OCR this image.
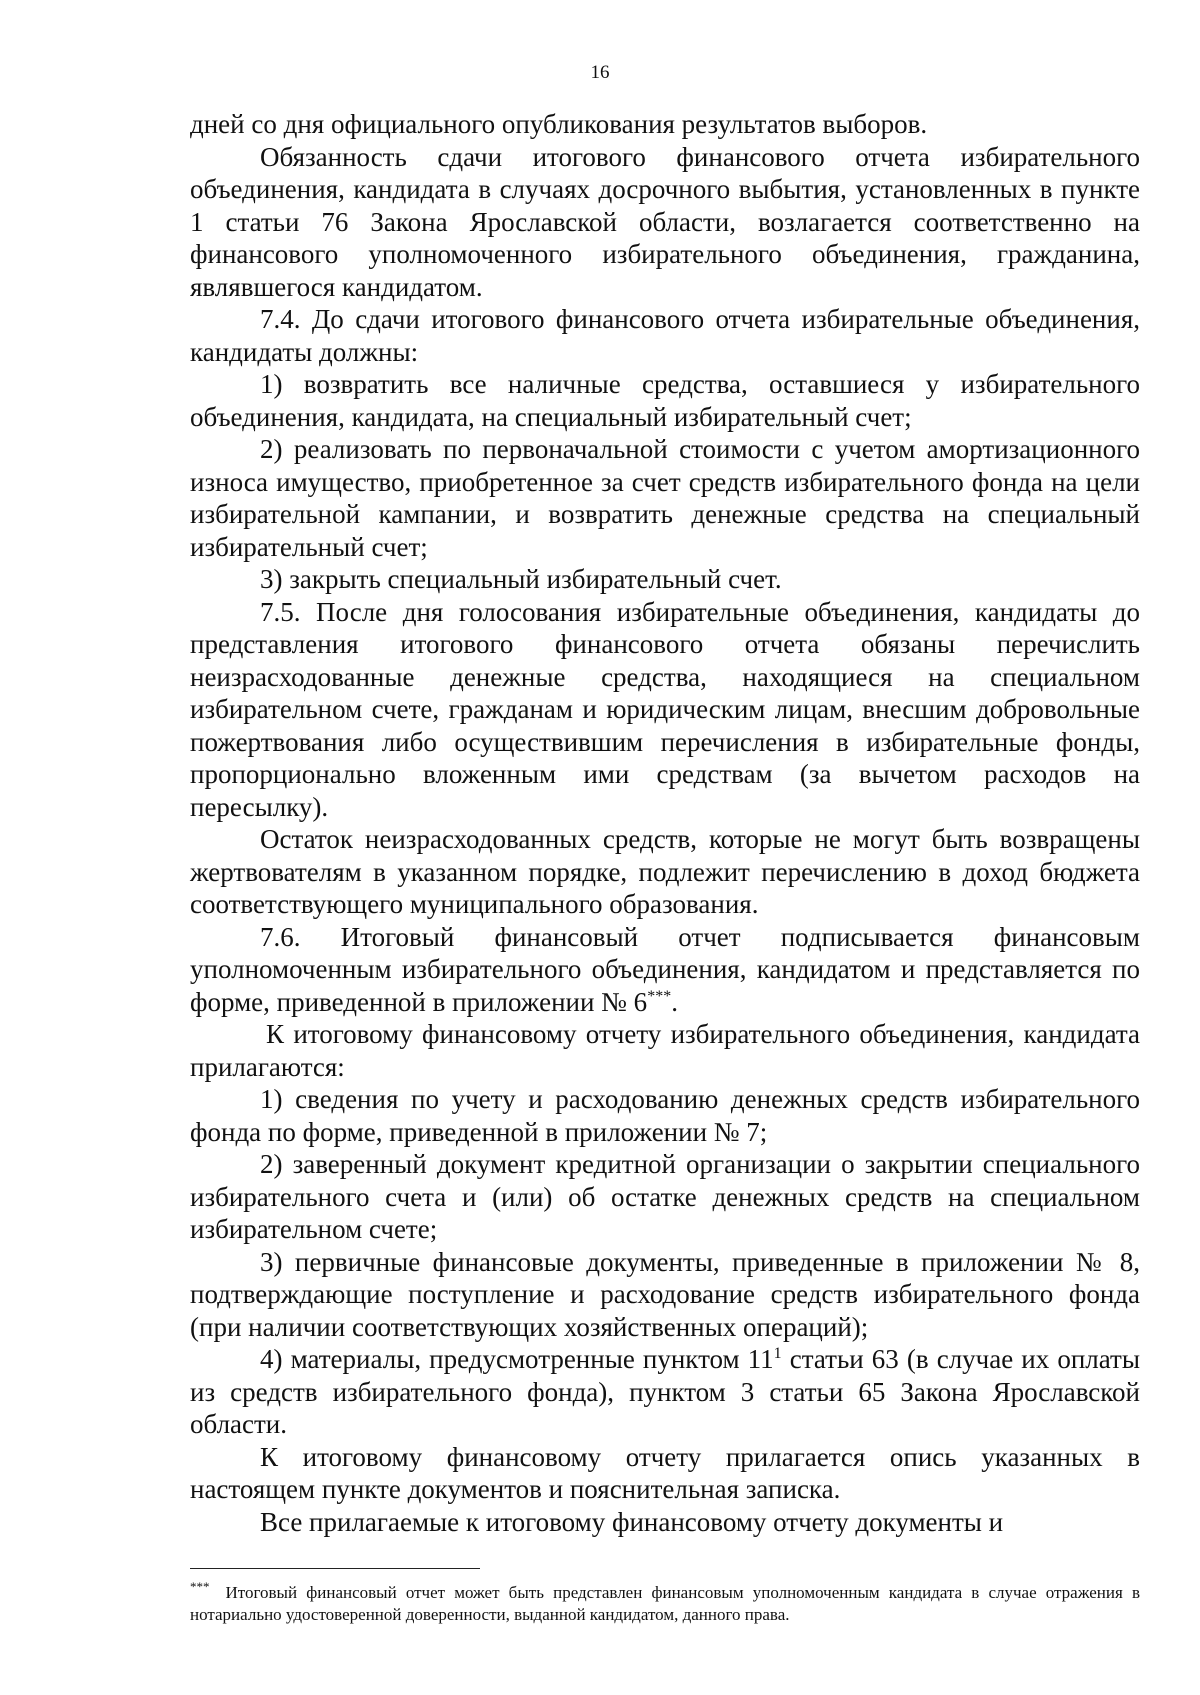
16

дней со дня официального опубликования результатов выборов.

Обязанность сдачи итогового финансового отчета избирательного объединения, кандидата в случаях досрочного выбытия, установленных в пункте 1 статьи 76 Закона Ярославской области, возлагается соответственно на финансового уполномоченного избирательного объединения, гражданина, являвшегося кандидатом.

7.4. До сдачи итогового финансового отчета избирательные объединения, кандидаты должны:

1) возвратить все наличные средства, оставшиеся у избирательного объединения, кандидата, на специальный избирательный счет;

2) реализовать по первоначальной стоимости с учетом амортизационного износа имущество, приобретенное за счет средств избирательного фонда на цели избирательной кампании, и возвратить денежные средства на специальный избирательный счет;

3) закрыть специальный избирательный счет.

7.5. После дня голосования избирательные объединения, кандидаты до представления итогового финансового отчета обязаны перечислить неизрасходованные денежные средства, находящиеся на специальном избирательном счете, гражданам и юридическим лицам, внесшим добровольные пожертвования либо осуществившим перечисления в избирательные фонды, пропорционально вложенным ими средствам (за вычетом расходов на пересылку).

Остаток неизрасходованных средств, которые не могут быть возвращены жертвователям в указанном порядке, подлежит перечислению в доход бюджета соответствующего муниципального образования.

7.6. Итоговый финансовый отчет подписывается финансовым уполномоченным избирательного объединения, кандидатом и представляется по форме, приведенной в приложении № 6***.

К итоговому финансовому отчету избирательного объединения, кандидата прилагаются:

1) сведения по учету и расходованию денежных средств избирательного фонда по форме, приведенной в приложении № 7;

2) заверенный документ кредитной организации о закрытии специального избирательного счета и (или) об остатке денежных средств на специальном избирательном счете;

3) первичные финансовые документы, приведенные в приложении № 8, подтверждающие поступление и расходование средств избирательного фонда (при наличии соответствующих хозяйственных операций);

4) материалы, предусмотренные пунктом $11^1$ статьи 63 (в случае их оплаты из средств избирательного фонда), пунктом 3 статьи 65 Закона Ярославской области.

К итоговому финансовому отчету прилагается опись указанных в настоящем пункте документов и пояснительная записка.

Все прилагаемые к итоговому финансовому отчету документы и

*** Итоговый финансовый отчет может быть представлен финансовым уполномоченным кандидата в случае отражения в нотариально удостоверенной доверенности, выданной кандидатом, данного права.
